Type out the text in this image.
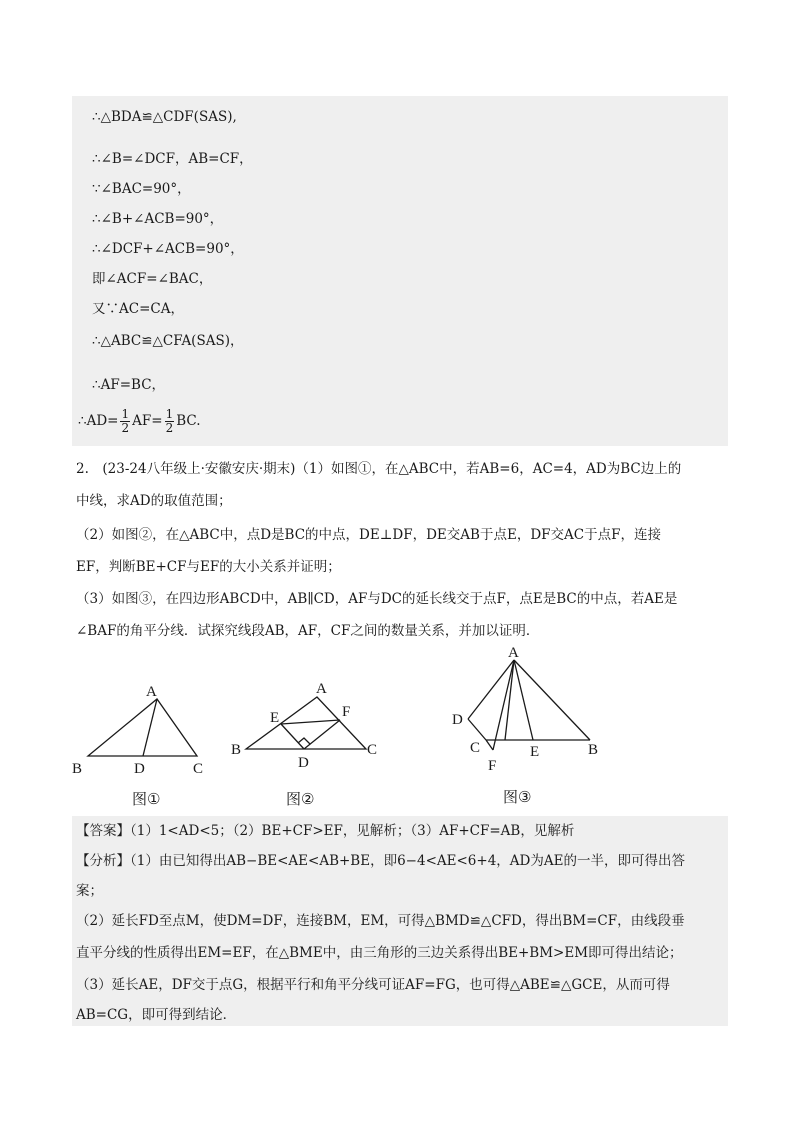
∴△BDA≌△CDF(SAS),
∴∠B=∠DCF，AB=CF，
∵∠BAC=90°，
∴∠B+∠ACB=90°，
∴∠DCF+∠ACB=90°，
即∠ACF=∠BAC，
又∵AC=CA，
∴△ABC≌△CFA(SAS)，
∴AF=BC，
∴AD= $\frac{1}{2} AF= \frac{1}{2}$ BC.
2.　(23-24八年级上·安徽安庆·期末)（1）如图①，在△ABC中，若AB=6，AC=4，AD为BC边上的
中线，求AD的取值范围；
（2）如图②，在△ABC中，点D是BC的中点，DE⊥DF，DE交AB于点E，DF交AC于点F，连接
EF，判断BE+CF与EF的大小关系并证明；
（3）如图③，在四边形ABCD中，AB∥CD，AF与DC的延长线交于点F，点E是BC的中点，若AE是
∠BAF的角平分线．试探究线段AB，AF，CF之间的数量关系，并加以证明．
A
B	D	C
A
E	F
B
D
C
A
D
C	E	B
F
图①	图②	图③
【答案】（1）1<AD<5；（2）BE+CF>EF，见解析；（3）AF+CF=AB，见解析
【分析】（1）由已知得出AB−BE<AE<AB+BE，即6−4<AE<6+4，AD为AE的一半，即可得出答
案；
（2）延长FD至点M，使DM=DF，连接BM，EM，可得△BMD≌△CFD，得出BM=CF，由线段垂
直平分线的性质得出EM=EF，在△BME中，由三角形的三边关系得出BE+BM>EM即可得出结论；
（3）延长AE，DF交于点G，根据平行和角平分线可证AF=FG，也可得△ABE≌△GCE，从而可得
AB=CG，即可得到结论．
